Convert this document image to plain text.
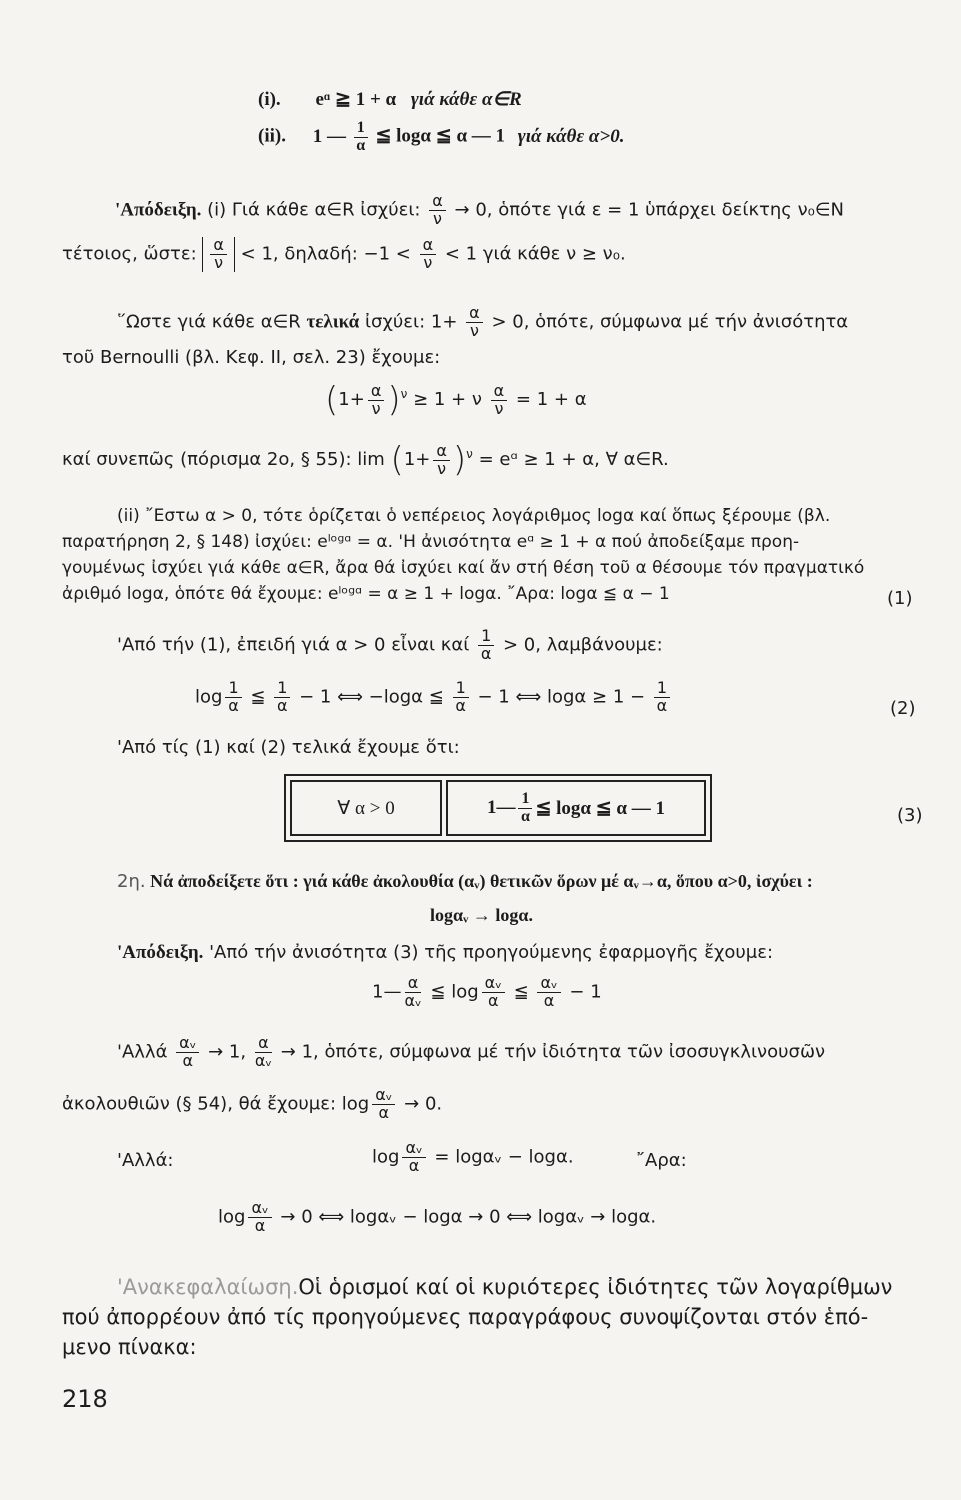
(i). eᵅ ≧ 1 + α γιά κάθε α∈R
(ii). 1 — $\frac{1}{\alpha}$ ≦ logα ≦ α — 1 γιά κάθε α>0.
'Απόδειξη. (i) Γιά κάθε α∈R ἰσχύει: $\frac{\alpha}{\nu} \to 0$, ὁπότε γιά ε = 1 ὑπάρχει δείκτης ν₀∈N
τέτοιος, ὥστε: $\frac{\alpha}{\nu} < 1$, δηλαδή: $-1 < \frac{\alpha}{\nu} < 1$ γιά κάθε ν ≥ ν₀.
῞Ωστε γιά κάθε α∈R τελικά ἰσχύει: $1+ \frac{\alpha}{\nu} > 0$, ὁπότε, σύμφωνα μέ τήν ἀνισότητα
τοῦ Bernoulli (βλ. Κεφ. II, σελ. 23) ἔχουμε:
$(1+ \frac{\alpha}{\nu} )^\nu \ge 1 + \nu \frac{\alpha}{\nu} = 1 + \alpha$
καί συνεπῶς (πόρισμα 2ο, § 55): $\lim (1+ \frac{\alpha}{\nu} )^\nu$ = eᵅ ≥ 1 + α, ∀ α∈R.
(ii) ῎Εστω α > 0, τότε ὁρίζεται ὁ νεπέρειος λογάριθμος logα καί ὅπως ξέρουμε (βλ.
παρατήρηση 2, § 148) ἰσχύει: eˡᵒᵍᵅ = α. 'Η ἀνισότητα eᵅ ≥ 1 + α πού ἀποδείξαμε προη-
γουμένως ἰσχύει γιά κάθε α∈R, ἄρα θά ἰσχύει καί ἄν στή θέση τοῦ α θέσουμε τόν πραγματικό
ἀριθμό logα, ὁπότε θά ἔχουμε: eˡᵒᵍᵅ = α ≥ 1 + logα. ῎Αρα: logα ≦ α − 1	(1)
'Από τήν (1), ἐπειδή γιά α > 0 εἶναι καί $\frac{1}{\alpha} > 0$, λαμβάνουμε:
$\log \frac{1}{\alpha}$ ≦ $\frac{1}{\alpha} - 1$ ⟺ −logα ≦ $\frac{1}{\alpha} - 1$ ⟺ $\log\alpha \ge 1 - \frac{1}{\alpha}$	(2)
'Από τίς (1) καί (2) τελικά ἔχουμε ὅτι:
∀ α > 0	1— $\frac{1}{\alpha}$ ≦ logα ≦ α — 1	(3)
2η. Νά ἀποδείξετε ὅτι : γιά κάθε ἀκολουθία (αᵥ) θετικῶν ὅρων μέ αᵥ→α, ὅπου α>0, ἰσχύει :
logαᵥ → logα.
'Απόδειξη. 'Από τήν ἀνισότητα (3) τῆς προηγούμενης ἐφαρμογῆς ἔχουμε:
1— $\frac{\alpha}{\text{αᵥ}}$ ≦ $\log \frac{\text{αᵥ}}{\alpha}$ ≦ $\frac{\text{αᵥ}}{\alpha} - 1$
'$A\lambda\lambda ά \frac{\text{αᵥ}}{\alpha} \to 1$, $\frac{\alpha}{\text{αᵥ}} \to 1$, ὁπότε, σύμφωνα μέ τήν ἰδιότητα τῶν ἰσοσυγκλινουσῶν
ἀκολουθιῶν (§ 54), θά ἔχουμε: $\log \frac{\text{αᵥ}}{\alpha} \to 0$.
'Αλλά:	$\log \frac{\text{αᵥ}}{\alpha}$ = logαᵥ − logα.	῎Αρα:
$\log \frac{\text{αᵥ}}{\alpha} \to 0$ ⟺ logαᵥ − logα → 0 ⟺ logαᵥ → logα.
'Ανακεφαλαίωση.Οἱ ὁρισμοί καί οἱ κυριότερες ἰδιότητες τῶν λογαρίθμων
πού ἀπορρέουν ἀπό τίς προηγούμενες παραγράφους συνοψίζονται στόν ἑπό-
μενο πίνακα:
218
